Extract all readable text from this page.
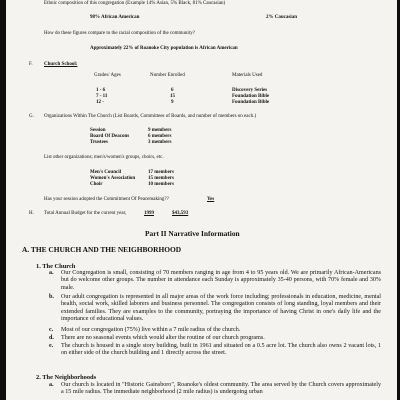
Ethnic composition of this congregation (Example 14% Asian, 5% Black, 81% Caucasian)
98% African American	2% Caucasian
How do these figures compare to the racial composition of the community?
Approximately 22% of Roanoke City population is African American
F. Church School:
Grades/ Ages	Number Enrolled	Materials Used
1 - 6	6	Discovery Series
7 - 11	15	Foundation Bible
12 -	9	Foundation Bible
G. Organizations Within The Church (List Boards, Committees of Boards, and number of members on each.)
Session	9 members
Board Of Deacons	6 members
Trustees	3 members
List other organizations; men's/women's groups, choirs, etc.
Men's Council	17 members
Women's Association	15 members
Choir	10 members
Has your session adopted the Commitment Of Peacemaking??	Yes
H. Total Annual Budget for the current year,	1999	$43,593
Part II Narrative Information
A. THE CHURCH AND THE NEIGHBORHOOD
1. The Church
a. Our Congregation is small, consisting of 70 members ranging in age from 4 to 95 years old. We are primarily African-Americans but do welcome other groups. The number in attendance each Sunday is approximately 35-40 persons, with 70% female and 30% male.
b. Our adult congregation is represented in all major areas of the work force including; professionals in education, medicine, mental health, social work, skilled laborers and business personnel. The congregation consists of long standing, loyal members and their extended families. They are examples to the community, portraying the importance of having Christ in one's daily life and the importance of educational values.
c. Most of our congregation (75%) live within a 7 mile radius of the church.
d. There are no seasonal events which would alter the routine of our church programs.
e. The church is housed in a single story building, built in 1961 and situated on a 0.5 acre lot. The church also owns 2 vacant lots, 1 on either side of the church building and 1 directly across the street.
2. The Neighborhoods
a. Our church is located in "Historic Gainsboro", Roanoke's oldest community. The area served by the Church covers approximately a 15 mile radius. The immediate neighborhood (2 mile radius) is undergoing urban
